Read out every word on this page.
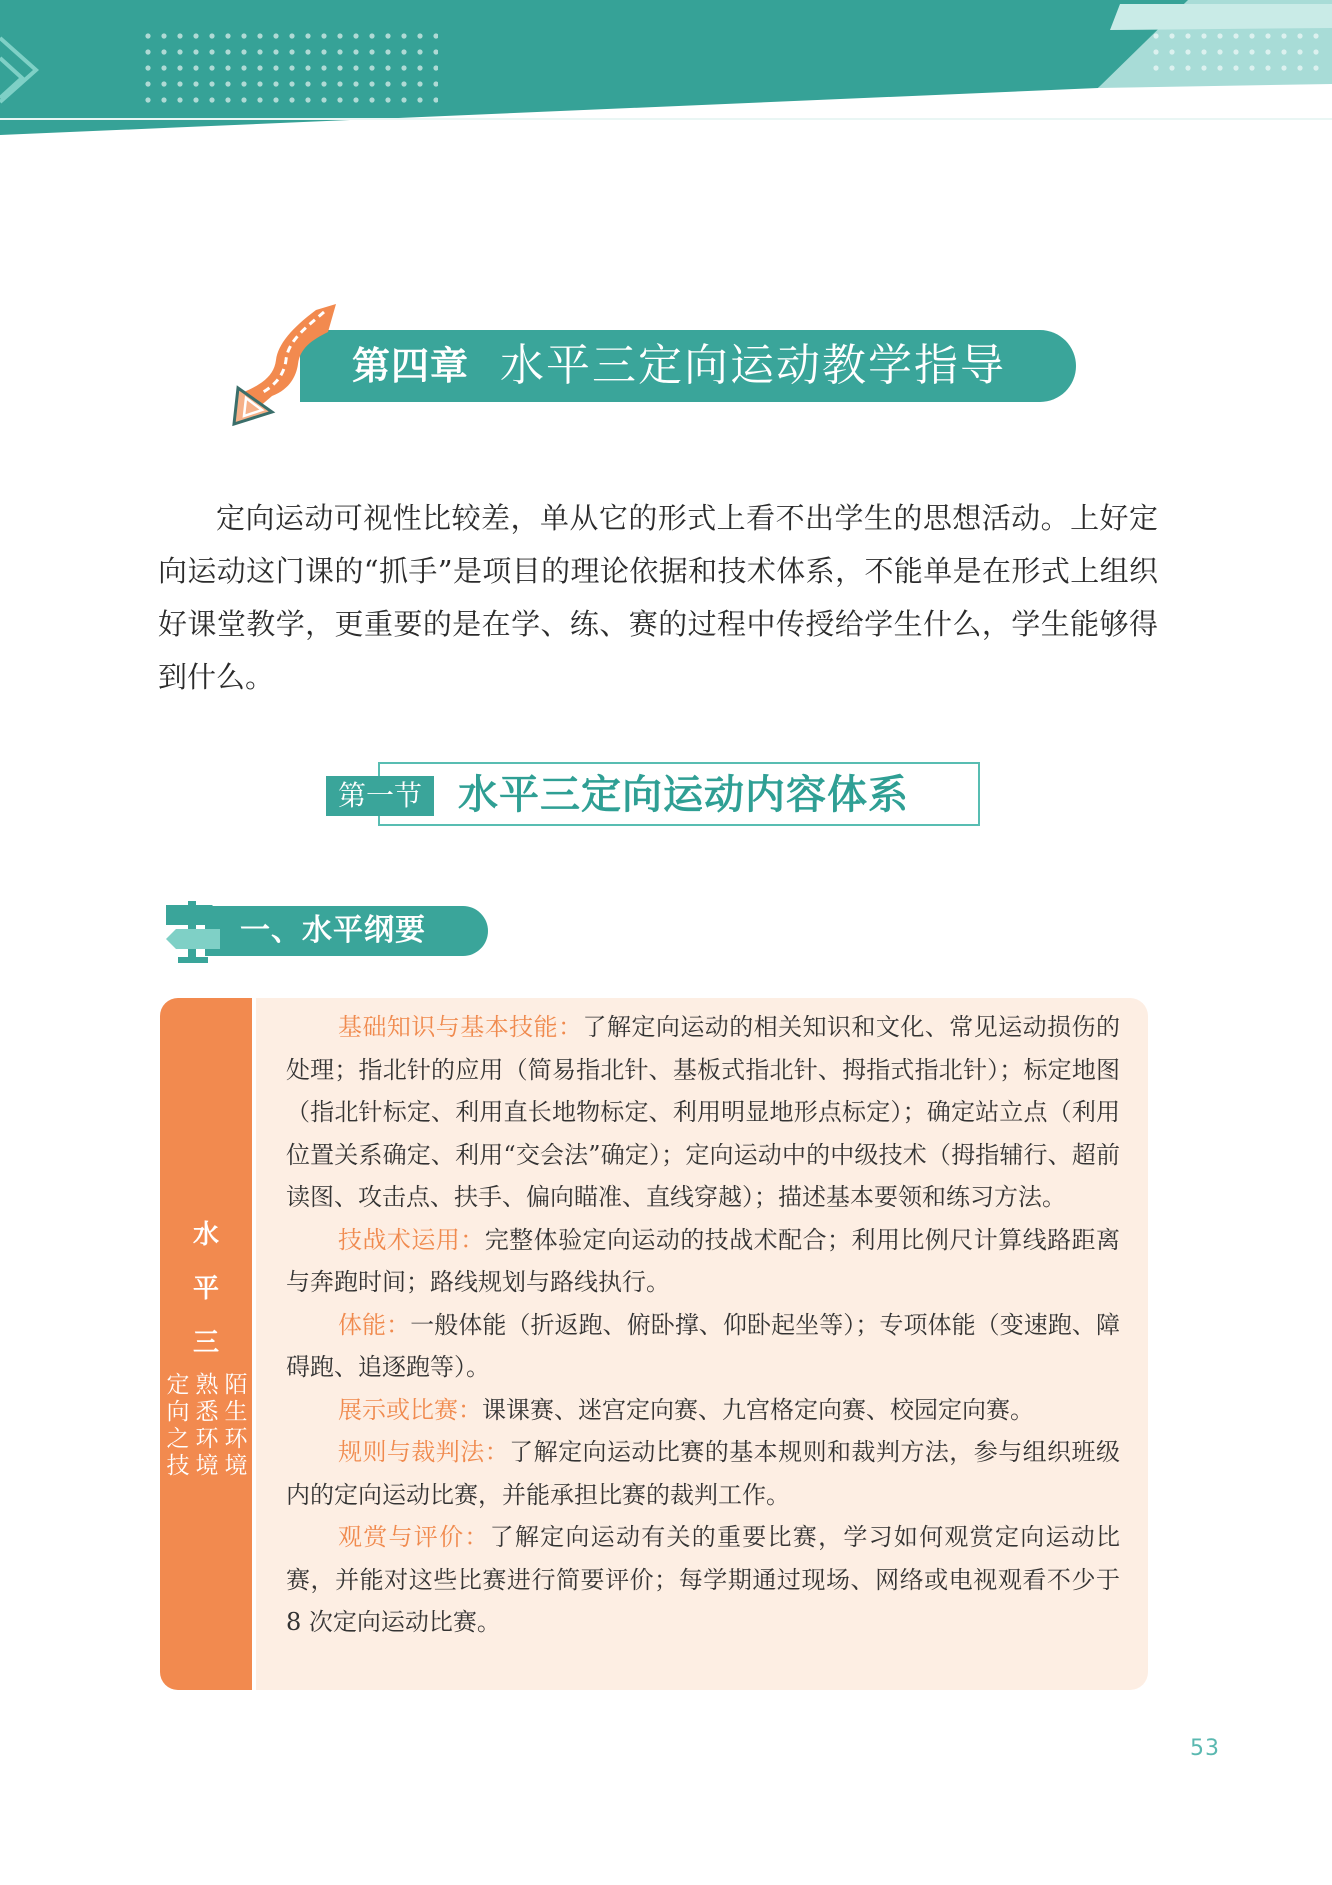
第四章 水平三定向运动教学指导

定向运动可视性比较差，单从它的形式上看不出学生的思想活动。上好定向运动这门课的“抓手”是项目的理论依据和技术体系，不能单是在形式上组织好课堂教学，更重要的是在学、练、赛的过程中传授给学生什么，学生能够得到什么。

第一节 水平三定向运动内容体系
一、水平纲要
水
平
三
定
向
之
技
熟
悉
环
境
陌
生
环
境

基础知识与基本技能：了解定向运动的相关知识和文化、常见运动损伤的处理；指北针的应用（简易指北针、基板式指北针、拇指式指北针）；标定地图（指北针标定、利用直长地物标定、利用明显地形点标定）；确定站立点（利用位置关系确定、利用“交会法”确定）；定向运动中的中级技术（拇指辅行、超前读图、攻击点、扶手、偏向瞄准、直线穿越）；描述基本要领和练习方法。

技战术运用：完整体验定向运动的技战术配合；利用比例尺计算线路距离与奔跑时间；路线规划与路线执行。

体能：一般体能（折返跑、俯卧撑、仰卧起坐等）；专项体能（变速跑、障碍跑、追逐跑等）。

展示或比赛：课课赛、迷宫定向赛、九宫格定向赛、校园定向赛。

规则与裁判法：了解定向运动比赛的基本规则和裁判方法，参与组织班级内的定向运动比赛，并能承担比赛的裁判工作。

观赏与评价：了解定向运动有关的重要比赛，学习如何观赏定向运动比赛，并能对这些比赛进行简要评价；每学期通过现场、网络或电视观看不少于 8 次定向运动比赛。

53
